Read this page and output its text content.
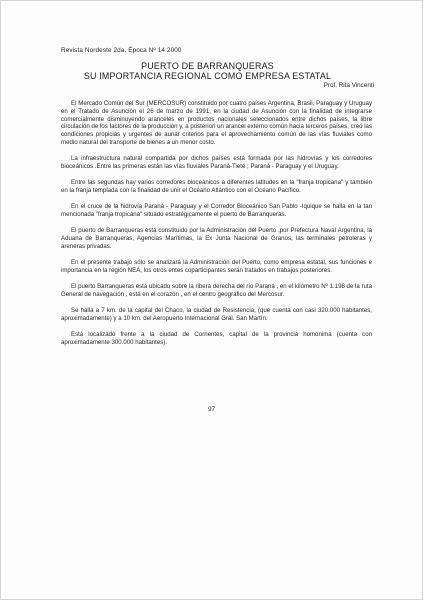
Revista Nordeste 2da. Época Nº 14 2000
PUERTO DE BARRANQUERAS
SU IMPORTANCIA REGIONAL COMO EMPRESA ESTATAL
Prof. Rita Vincenti

El Mercado Común del Sur (MERCOSUR) constituido por cuatro países Argentina, Brasil, Paraguay y Uruguay en el Tratado de Asunción el 26 de marzo de 1991, en la ciudad de Asunción con la finalidad de integrarse comercialmente disminuyendo aranceles en productos nacionales seleccionados entre dichos países, la libre circulación de los factores de la producción y, a posteriori un arancel externo común hacia terceros países, creó las condiciones propicias y urgentes de aunar criterios para el aprovechamiento común de las vías fluviales como medio natural del transporte de bienes a un menor costo.

La infraestructura natural compartida por dichos países está formada por las hidrovías y los corredores bioceánicos .Entre las primeras están las vías fluviales Paraná-Tieté ; Paraná - Paraguay y el Uruguay.

Entre las segundas hay varios corredores bioceánicos a diferentes latitudes en la "franja tropicana" y también en la franja templada con la finalidad de unir el Océano Atlántico con el Océano Pacífico.

En el cruce de la hidrovía Paraná - Paraguay y el Corredor Bioceánico San Pablo -Iquique se halla en la tan mencionada "franja tropicana" situado estratégicamente el puerto de Barranqueras.

El puerto de Barranqueras está constituido por la Administración del Puerto ,por Prefectura Naval Argentina, la Aduana de Barranqueras, Agencias Marítimas, la Ex Junta Nacional de Granos, las terminales petroleras y areneras privadas.

En el presente trabajo sólo se analizará la Administración del Puerto, como empresa estatal, sus funciones e importancia en la región NEA, los otros entes coparticipantes serán tratados en trabajos posteriores.

El puerto Barranqueras está ubicado sobre la ribera derecha del río Paraná , en el kilómetro Nº 1.198 de la ruta General de navegación , está en el corazón , en el centro geográfico del Mercosur.

Se halla a 7 km. de la capital del Chaco, la ciudad de Resistencia, (que cuenta con casi 320.000 habitantes, aproximadamente) y a 10 km. del Aeropuerto Internacional Gral. San Martín.

Está localizado frente a la ciudad de Corrientes, capital de la provincia homónima (cuenta con aproximadamente 300.000 habitantes).

97
